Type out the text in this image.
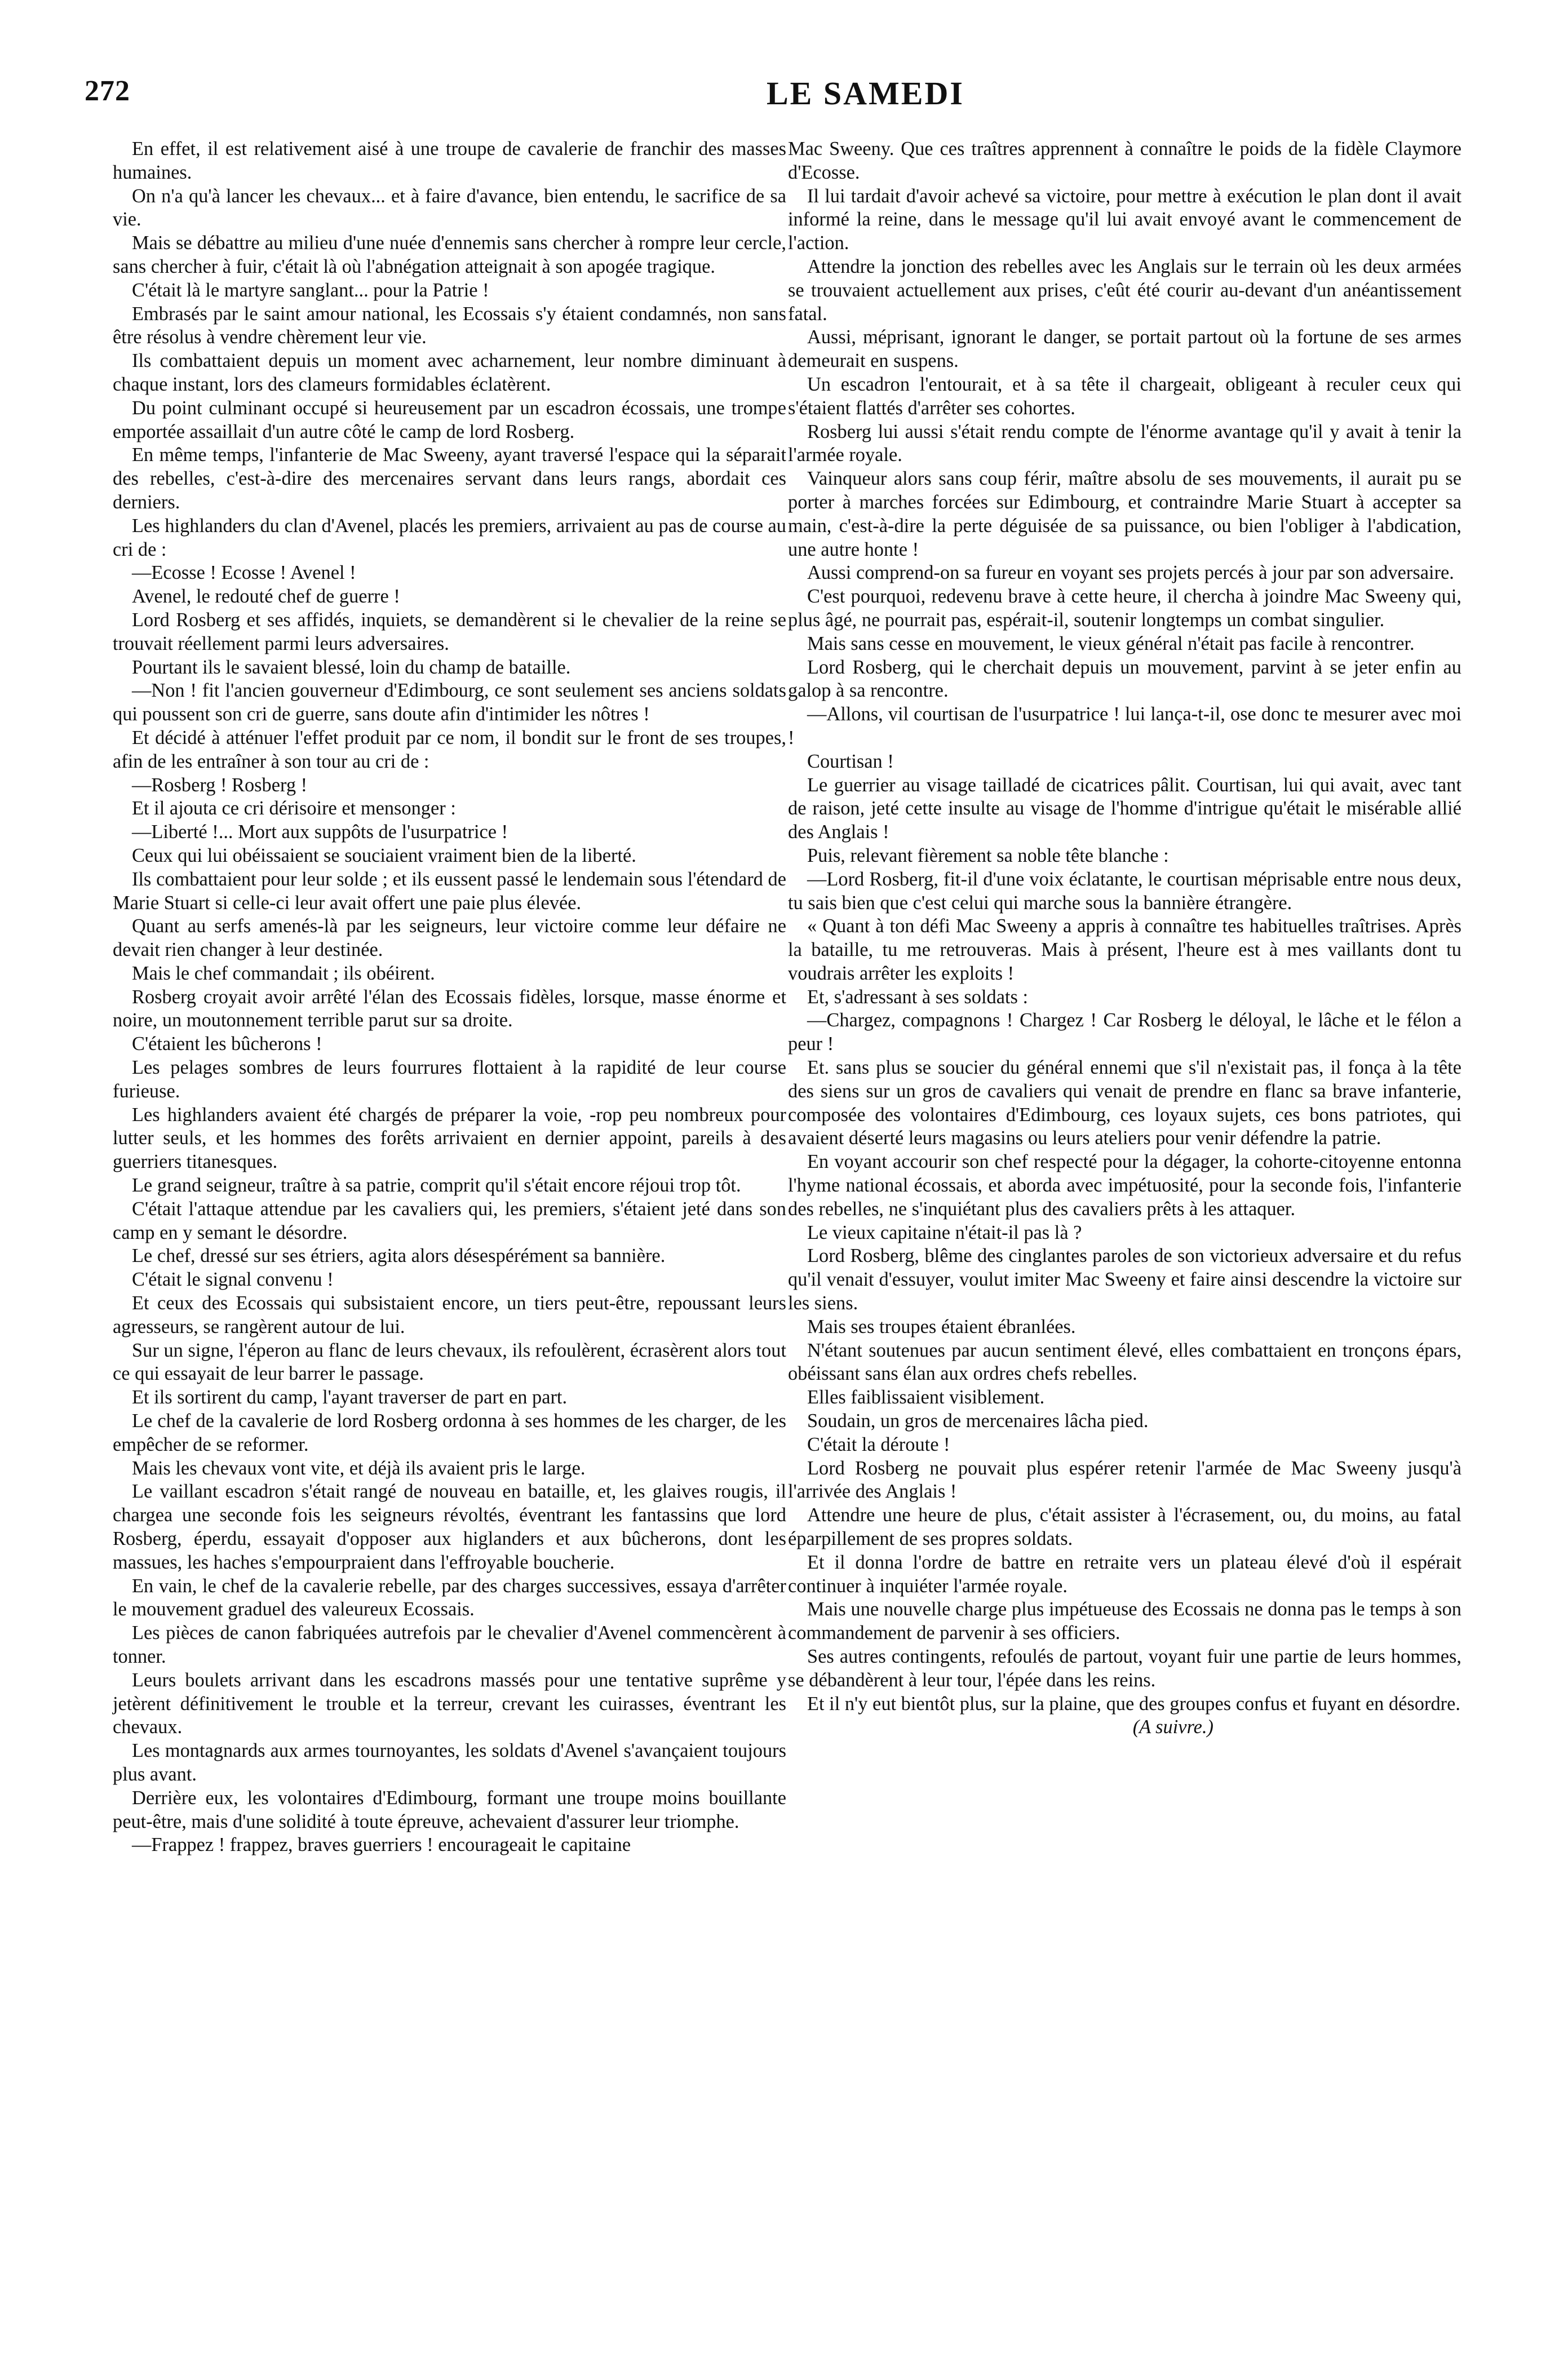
272	LE SAMEDI

En effet, il est relativement aisé à une troupe de cavalerie de franchir des masses humaines.

On n'a qu'à lancer les chevaux... et à faire d'avance, bien entendu, le sacrifice de sa vie.

Mais se débattre au milieu d'une nuée d'ennemis sans chercher à rompre leur cercle, sans chercher à fuir, c'était là où l'abnégation atteignait à son apogée tragique.

C'était là le martyre sanglant... pour la Patrie !

Embrasés par le saint amour national, les Ecossais s'y étaient condamnés, non sans être résolus à vendre chèrement leur vie.

Ils combattaient depuis un moment avec acharnement, leur nombre diminuant à chaque instant, lors des clameurs formidables éclatèrent.

Du point culminant occupé si heureusement par un escadron écossais, une trompe emportée assaillait d'un autre côté le camp de lord Rosberg.

En même temps, l'infanterie de Mac Sweeny, ayant traversé l'espace qui la séparait des rebelles, c'est-à-dire des mercenaires servant dans leurs rangs, abordait ces derniers.

Les highlanders du clan d'Avenel, placés les premiers, arrivaient au pas de course au cri de :

—Ecosse ! Ecosse ! Avenel !

Avenel, le redouté chef de guerre !

Lord Rosberg et ses affidés, inquiets, se demandèrent si le chevalier de la reine se trouvait réellement parmi leurs adversaires.

Pourtant ils le savaient blessé, loin du champ de bataille.

—Non ! fit l'ancien gouverneur d'Edimbourg, ce sont seulement ses anciens soldats qui poussent son cri de guerre, sans doute afin d'intimider les nôtres !

Et décidé à atténuer l'effet produit par ce nom, il bondit sur le front de ses troupes, afin de les entraîner à son tour au cri de :

—Rosberg ! Rosberg !

Et il ajouta ce cri dérisoire et mensonger :

—Liberté !... Mort aux suppôts de l'usurpatrice !

Ceux qui lui obéissaient se souciaient vraiment bien de la liberté.

Ils combattaient pour leur solde ; et ils eussent passé le lendemain sous l'étendard de Marie Stuart si celle-ci leur avait offert une paie plus élevée.

Quant au serfs amenés-là par les seigneurs, leur victoire comme leur défaire ne devait rien changer à leur destinée.

Mais le chef commandait ; ils obéirent.

Rosberg croyait avoir arrêté l'élan des Ecossais fidèles, lorsque, masse énorme et noire, un moutonnement terrible parut sur sa droite.

C'étaient les bûcherons !

Les pelages sombres de leurs fourrures flottaient à la rapidité de leur course furieuse.

Les highlanders avaient été chargés de préparer la voie, -rop peu nombreux pour lutter seuls, et les hommes des forêts arrivaient en dernier appoint, pareils à des guerriers titanesques.

Le grand seigneur, traître à sa patrie, comprit qu'il s'était encore réjoui trop tôt.

C'était l'attaque attendue par les cavaliers qui, les premiers, s'étaient jeté dans son camp en y semant le désordre.

Le chef, dressé sur ses étriers, agita alors désespérément sa bannière.

C'était le signal convenu !

Et ceux des Ecossais qui subsistaient encore, un tiers peut-être, repoussant leurs agresseurs, se rangèrent autour de lui.

Sur un signe, l'éperon au flanc de leurs chevaux, ils refoulèrent, écrasèrent alors tout ce qui essayait de leur barrer le passage.

Et ils sortirent du camp, l'ayant traverser de part en part.

Le chef de la cavalerie de lord Rosberg ordonna à ses hommes de les charger, de les empêcher de se reformer.

Mais les chevaux vont vite, et déjà ils avaient pris le large.

Le vaillant escadron s'était rangé de nouveau en bataille, et, les glaives rougis, il chargea une seconde fois les seigneurs révoltés, éventrant les fantassins que lord Rosberg, éperdu, essayait d'opposer aux higlanders et aux bûcherons, dont les massues, les haches s'empourpraient dans l'effroyable boucherie.

En vain, le chef de la cavalerie rebelle, par des charges successives, essaya d'arrêter le mouvement graduel des valeureux Ecossais.

Les pièces de canon fabriquées autrefois par le chevalier d'Avenel commencèrent à tonner.

Leurs boulets arrivant dans les escadrons massés pour une tentative suprême y jetèrent définitivement le trouble et la terreur, crevant les cuirasses, éventrant les chevaux.

Les montagnards aux armes tournoyantes, les soldats d'Avenel s'avançaient toujours plus avant.

Derrière eux, les volontaires d'Edimbourg, formant une troupe moins bouillante peut-être, mais d'une solidité à toute épreuve, achevaient d'assurer leur triomphe.

—Frappez ! frappez, braves guerriers ! encourageait le capitaine

Mac Sweeny. Que ces traîtres apprennent à connaître le poids de la fidèle Claymore d'Ecosse.

Il lui tardait d'avoir achevé sa victoire, pour mettre à exécution le plan dont il avait informé la reine, dans le message qu'il lui avait envoyé avant le commencement de l'action.

Attendre la jonction des rebelles avec les Anglais sur le terrain où les deux armées se trouvaient actuellement aux prises, c'eût été courir au-devant d'un anéantissement fatal.

Aussi, méprisant, ignorant le danger, se portait partout où la fortune de ses armes demeurait en suspens.

Un escadron l'entourait, et à sa tête il chargeait, obligeant à reculer ceux qui s'étaient flattés d'arrêter ses cohortes.

Rosberg lui aussi s'était rendu compte de l'énorme avantage qu'il y avait à tenir la l'armée royale.

Vainqueur alors sans coup férir, maître absolu de ses mouvements, il aurait pu se porter à marches forcées sur Edimbourg, et contraindre Marie Stuart à accepter sa main, c'est-à-dire la perte déguisée de sa puissance, ou bien l'obliger à l'abdication, une autre honte !

Aussi comprend-on sa fureur en voyant ses projets percés à jour par son adversaire.

C'est pourquoi, redevenu brave à cette heure, il chercha à joindre Mac Sweeny qui, plus âgé, ne pourrait pas, espérait-il, soutenir longtemps un combat singulier.

Mais sans cesse en mouvement, le vieux général n'était pas facile à rencontrer.

Lord Rosberg, qui le cherchait depuis un mouvement, parvint à se jeter enfin au galop à sa rencontre.

—Allons, vil courtisan de l'usurpatrice ! lui lança-t-il, ose donc te mesurer avec moi !

Courtisan !

Le guerrier au visage tailladé de cicatrices pâlit. Courtisan, lui qui avait, avec tant de raison, jeté cette insulte au visage de l'homme d'intrigue qu'était le misérable allié des Anglais !

Puis, relevant fièrement sa noble tête blanche :

—Lord Rosberg, fit-il d'une voix éclatante, le courtisan méprisable entre nous deux, tu sais bien que c'est celui qui marche sous la bannière étrangère.

« Quant à ton défi Mac Sweeny a appris à connaître tes habituelles traîtrises. Après la bataille, tu me retrouveras. Mais à présent, l'heure est à mes vaillants dont tu voudrais arrêter les exploits !

Et, s'adressant à ses soldats :

—Chargez, compagnons ! Chargez ! Car Rosberg le déloyal, le lâche et le félon a peur !

Et. sans plus se soucier du général ennemi que s'il n'existait pas, il fonça à la tête des siens sur un gros de cavaliers qui venait de prendre en flanc sa brave infanterie, composée des volontaires d'Edimbourg, ces loyaux sujets, ces bons patriotes, qui avaient déserté leurs magasins ou leurs ateliers pour venir défendre la patrie.

En voyant accourir son chef respecté pour la dégager, la cohorte-citoyenne entonna l'hyme national écossais, et aborda avec impétuosité, pour la seconde fois, l'infanterie des rebelles, ne s'inquiétant plus des cavaliers prêts à les attaquer.

Le vieux capitaine n'était-il pas là ?

Lord Rosberg, blême des cinglantes paroles de son victorieux adversaire et du refus qu'il venait d'essuyer, voulut imiter Mac Sweeny et faire ainsi descendre la victoire sur les siens.

Mais ses troupes étaient ébranlées.

N'étant soutenues par aucun sentiment élevé, elles combattaient en tronçons épars, obéissant sans élan aux ordres chefs rebelles.

Elles faiblissaient visiblement.

Soudain, un gros de mercenaires lâcha pied.

C'était la déroute !

Lord Rosberg ne pouvait plus espérer retenir l'armée de Mac Sweeny jusqu'à l'arrivée des Anglais !

Attendre une heure de plus, c'était assister à l'écrasement, ou, du moins, au fatal éparpillement de ses propres soldats.

Et il donna l'ordre de battre en retraite vers un plateau élevé d'où il espérait continuer à inquiéter l'armée royale.

Mais une nouvelle charge plus impétueuse des Ecossais ne donna pas le temps à son commandement de parvenir à ses officiers.

Ses autres contingents, refoulés de partout, voyant fuir une partie de leurs hommes, se débandèrent à leur tour, l'épée dans les reins.

Et il n'y eut bientôt plus, sur la plaine, que des groupes confus et fuyant en désordre.

(A suivre.)
